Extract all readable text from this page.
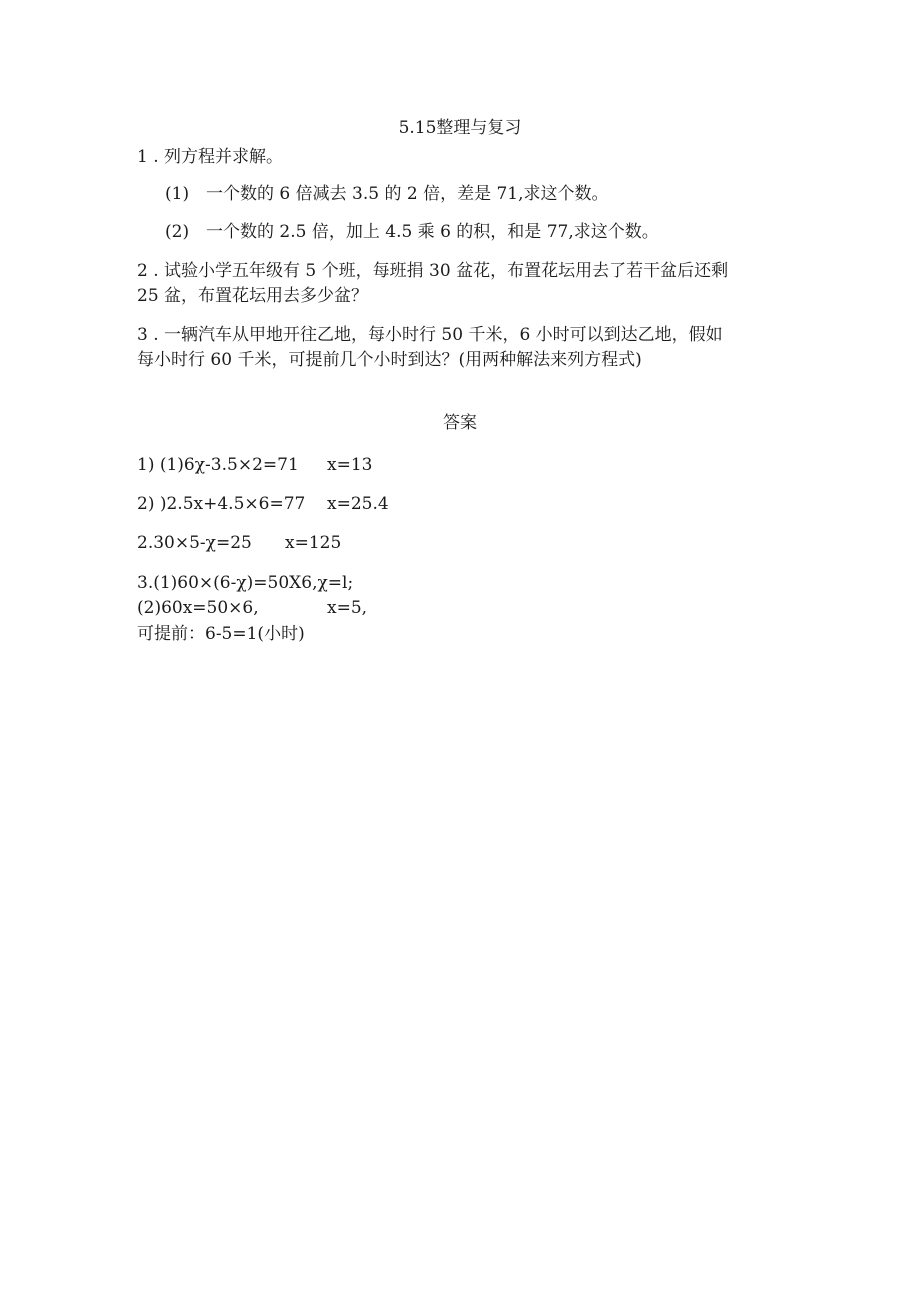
5.15整理与复习
1 . 列方程并求解。
(1) 一个数的 6 倍减去 3.5 的 2 倍，差是 71,求这个数。
(2) 一个数的 2.5 倍，加上 4.5 乘 6 的积，和是 77,求这个数。
2 . 试验小学五年级有 5 个班，每班捐 30 盆花，布置花坛用去了若干盆后还剩
25 盆，布置花坛用去多少盆？
3 . 一辆汽车从甲地开往乙地，每小时行 50 千米，6 小时可以到达乙地，假如
每小时行 60 千米，可提前几个小时到达？(用两种解法来列方程式)
答案
1) (1)6χ-3.5×2=71 x=13
2) )2.5x+4.5×6=77 x=25.4
2.30×5-χ=25 x=125
3.(1)60×(6-χ)=50X6,χ=l;
(2)60x=50×6,	x=5,
可提前：6-5=1(小时)
